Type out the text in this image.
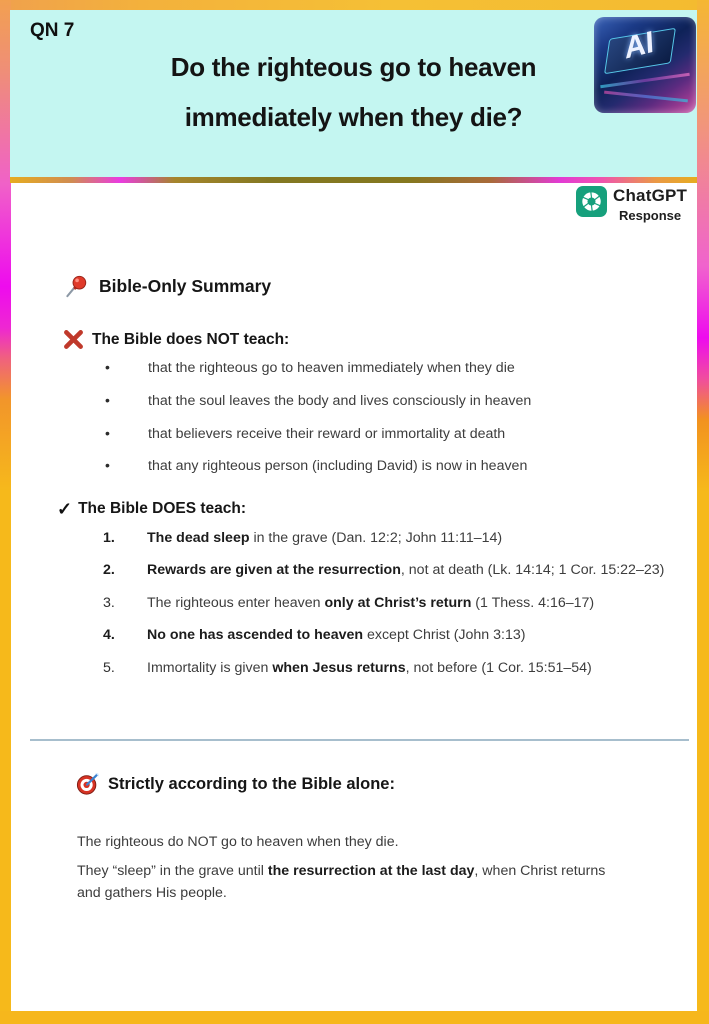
QN 7
Do the righteous go to heaven
immediately when they die?
AI
ChatGPT
Response
Bible-Only Summary
The Bible does NOT teach:
• that the righteous go to heaven immediately when they die
• that the soul leaves the body and lives consciously in heaven
• that believers receive their reward or immortality at death
• that any righteous person (including David) is now in heaven
✓ The Bible DOES teach:
1. The dead sleep in the grave (Dan. 12:2; John 11:11–14)
2. Rewards are given at the resurrection, not at death (Lk. 14:14; 1 Cor. 15:22–23)
3. The righteous enter heaven only at Christ’s return (1 Thess. 4:16–17)
4. No one has ascended to heaven except Christ (John 3:13)
5. Immortality is given when Jesus returns, not before (1 Cor. 15:51–54)
Strictly according to the Bible alone:
The righteous do NOT go to heaven when they die.
They “sleep” in the grave until the resurrection at the last day, when Christ returns
and gathers His people.
